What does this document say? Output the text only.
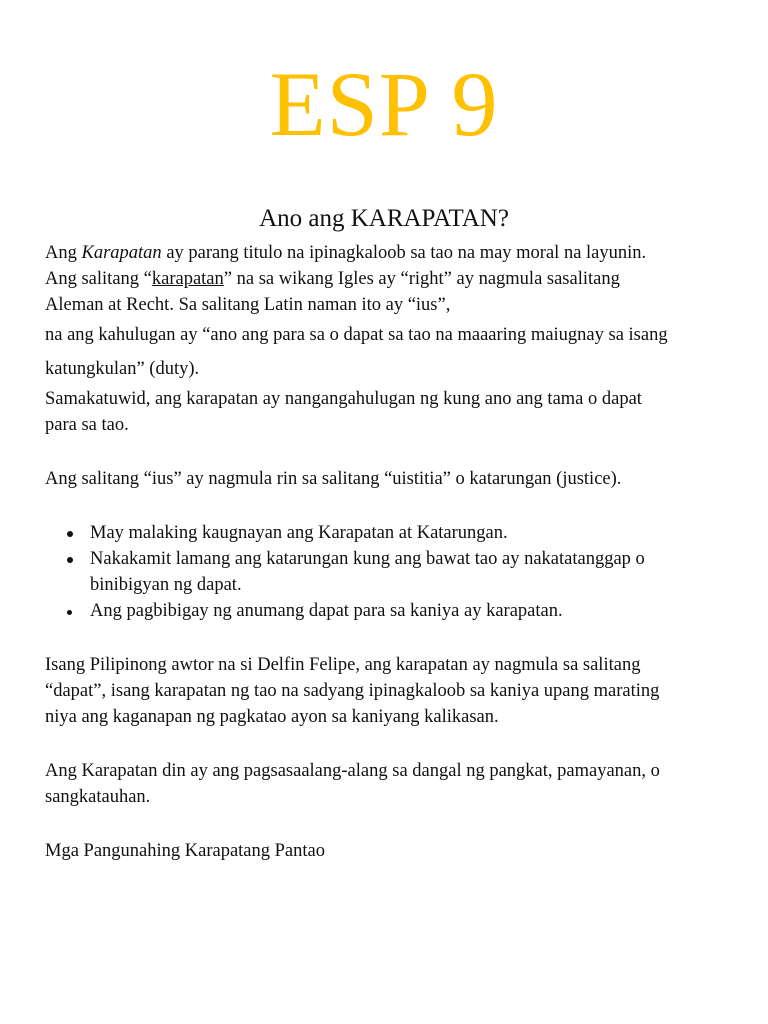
ESP 9
Ano ang KARAPATAN?
Ang Karapatan ay parang titulo na ipinagkaloob sa tao na may moral na layunin.
Ang salitang “karapatan” na sa wikang Igles ay “right” ay nagmula sasalitang
Aleman at Recht. Sa salitang Latin naman ito ay “ius”,
na ang kahulugan ay “ano ang para sa o dapat sa tao na maaaring maiugnay sa isang
katungkulan” (duty).
Samakatuwid, ang karapatan ay nangangahulugan ng kung ano ang tama o dapat
para sa tao.
Ang salitang “ius” ay nagmula rin sa salitang “uistitia” o katarungan (justice).
May malaking kaugnayan ang Karapatan at Katarungan.
Nakakamit lamang ang katarungan kung ang bawat tao ay nakatatanggap o
binibigyan ng dapat.
Ang pagbibigay ng anumang dapat para sa kaniya ay karapatan.
Isang Pilipinong awtor na si Delfin Felipe, ang karapatan ay nagmula sa salitang
“dapat”, isang karapatan ng tao na sadyang ipinagkaloob sa kaniya upang marating
niya ang kaganapan ng pagkatao ayon sa kaniyang kalikasan.
Ang Karapatan din ay ang pagsasaalang-alang sa dangal ng pangkat, pamayanan, o
sangkatauhan.
Mga Pangunahing Karapatang Pantao
